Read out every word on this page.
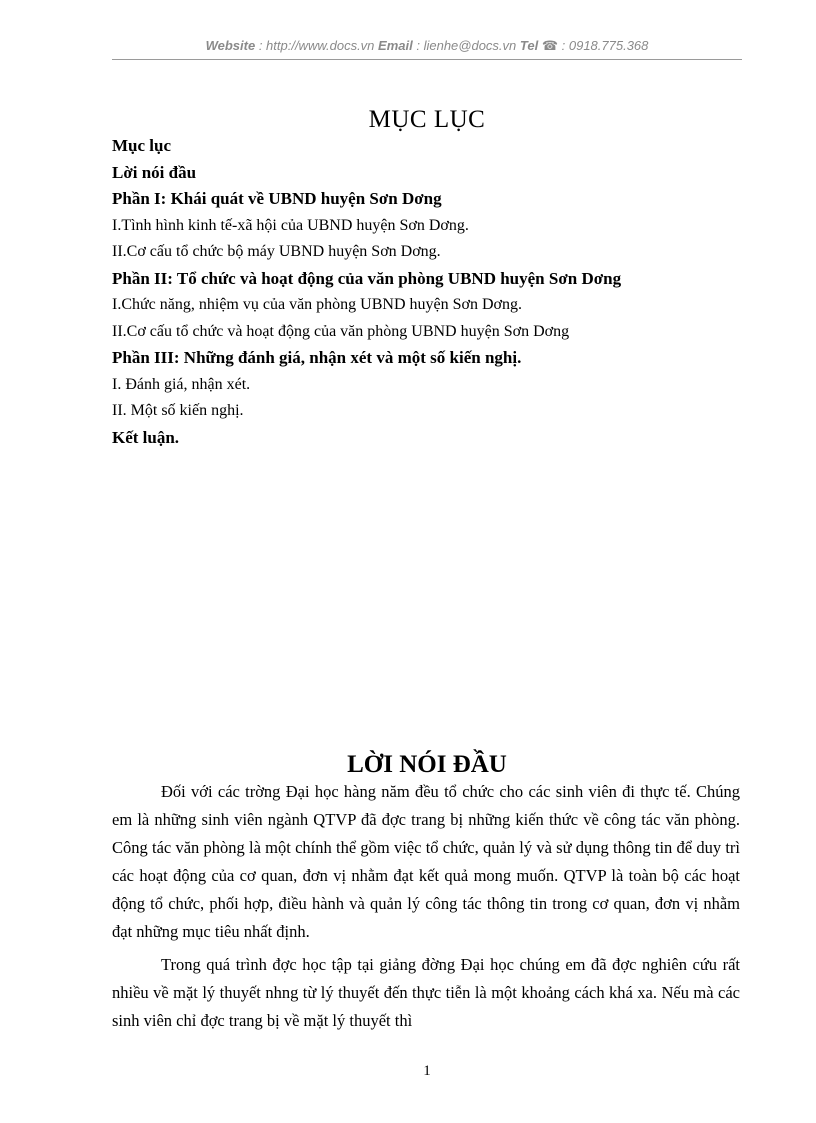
Website : http://www.docs.vn Email : lienhe@docs.vn Tel ☎ : 0918.775.368
MỤC LỤC
Mục lục
Lời nói đầu
Phần I: Khái quát về UBND huyện Sơn Dơng
I.Tình hình kinh tế-xã hội của UBND huyện Sơn Dơng.
II.Cơ cấu tổ chức bộ máy UBND huyện Sơn Dơng.
Phần II: Tổ chức và hoạt động của văn phòng UBND huyện Sơn Dơng
I.Chức năng, nhiệm vụ của văn phòng UBND huyện Sơn Dơng.
II.Cơ cấu tổ chức và hoạt động của văn phòng UBND huyện Sơn Dơng
Phần III: Những đánh giá, nhận xét và một số kiến nghị.
I. Đánh giá, nhận xét.
II. Một số kiến nghị.
Kết luận.
LỜI NÓI ĐẦU

Đối với các trờng Đại học hàng năm đều tổ chức cho các sinh viên đi thực tế. Chúng em là những sinh viên ngành QTVP đã đợc trang bị những kiến thức về công tác văn phòng. Công tác văn phòng là một chính thể gồm việc tổ chức, quản lý và sử dụng thông tin để duy trì các hoạt động của cơ quan, đơn vị nhằm đạt kết quả mong muốn. QTVP là toàn bộ các hoạt động tổ chức, phối hợp, điều hành và quản lý công tác thông tin trong cơ quan, đơn vị nhằm đạt những mục tiêu nhất định.

Trong quá trình đợc học tập tại giảng đờng Đại học chúng em đã đợc nghiên cứu rất nhiều về mặt lý thuyết nhng từ lý thuyết đến thực tiễn là một khoảng cách khá xa. Nếu mà các sinh viên chỉ đợc trang bị về mặt lý thuyết thì

1
